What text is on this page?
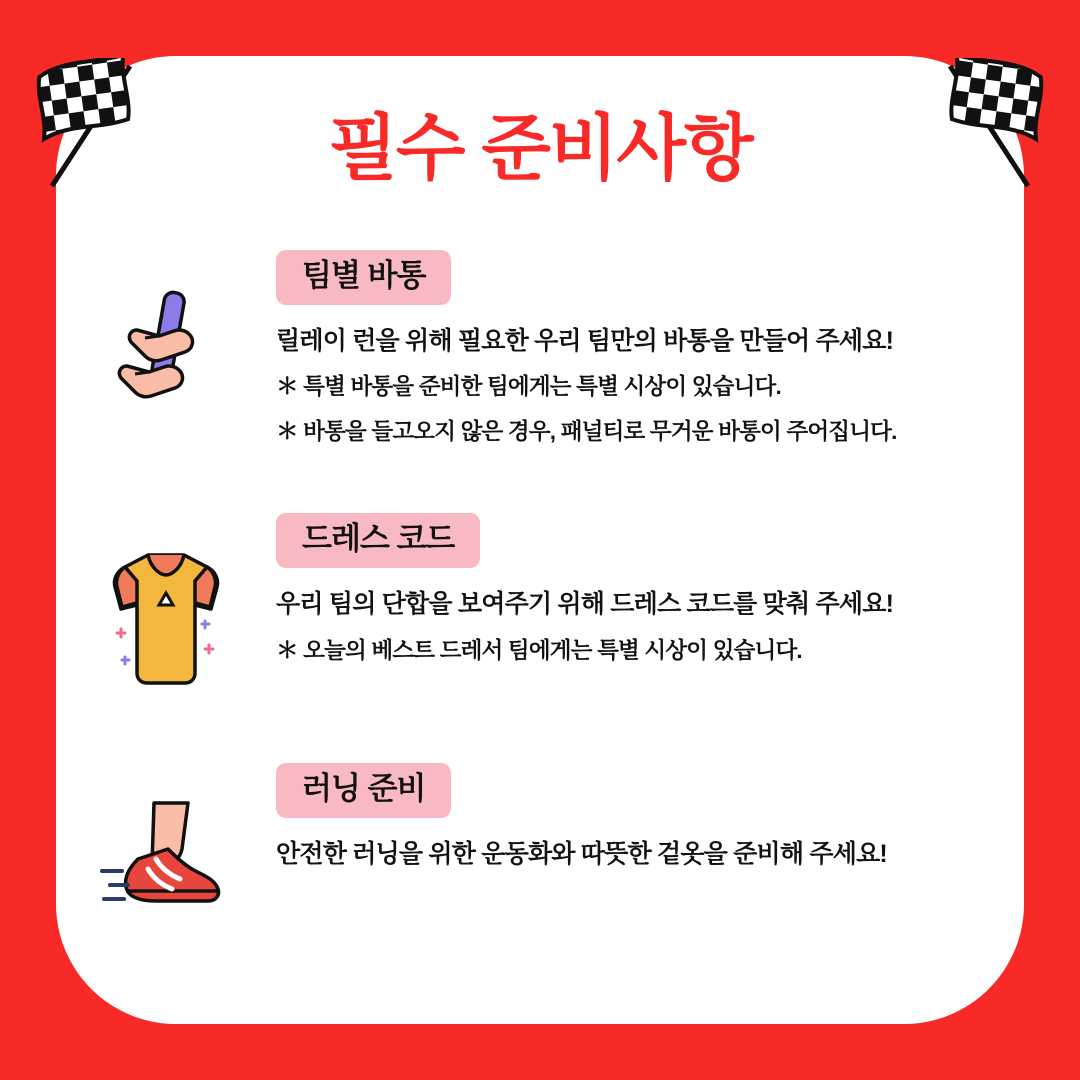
필수 준비사항
팀별 바통
릴레이 런을 위해 필요한 우리 팀만의 바통을 만들어 주세요!
＊ 특별 바통을 준비한 팀에게는 특별 시상이 있습니다.
＊ 바통을 들고오지 않은 경우, 패널티로 무거운 바통이 주어집니다.
드레스 코드
우리 팀의 단합을 보여주기 위해 드레스 코드를 맞춰 주세요!
＊ 오늘의 베스트 드레서 팀에게는 특별 시상이 있습니다.
러닝 준비
안전한 러닝을 위한 운동화와 따뜻한 겉옷을 준비해 주세요!
